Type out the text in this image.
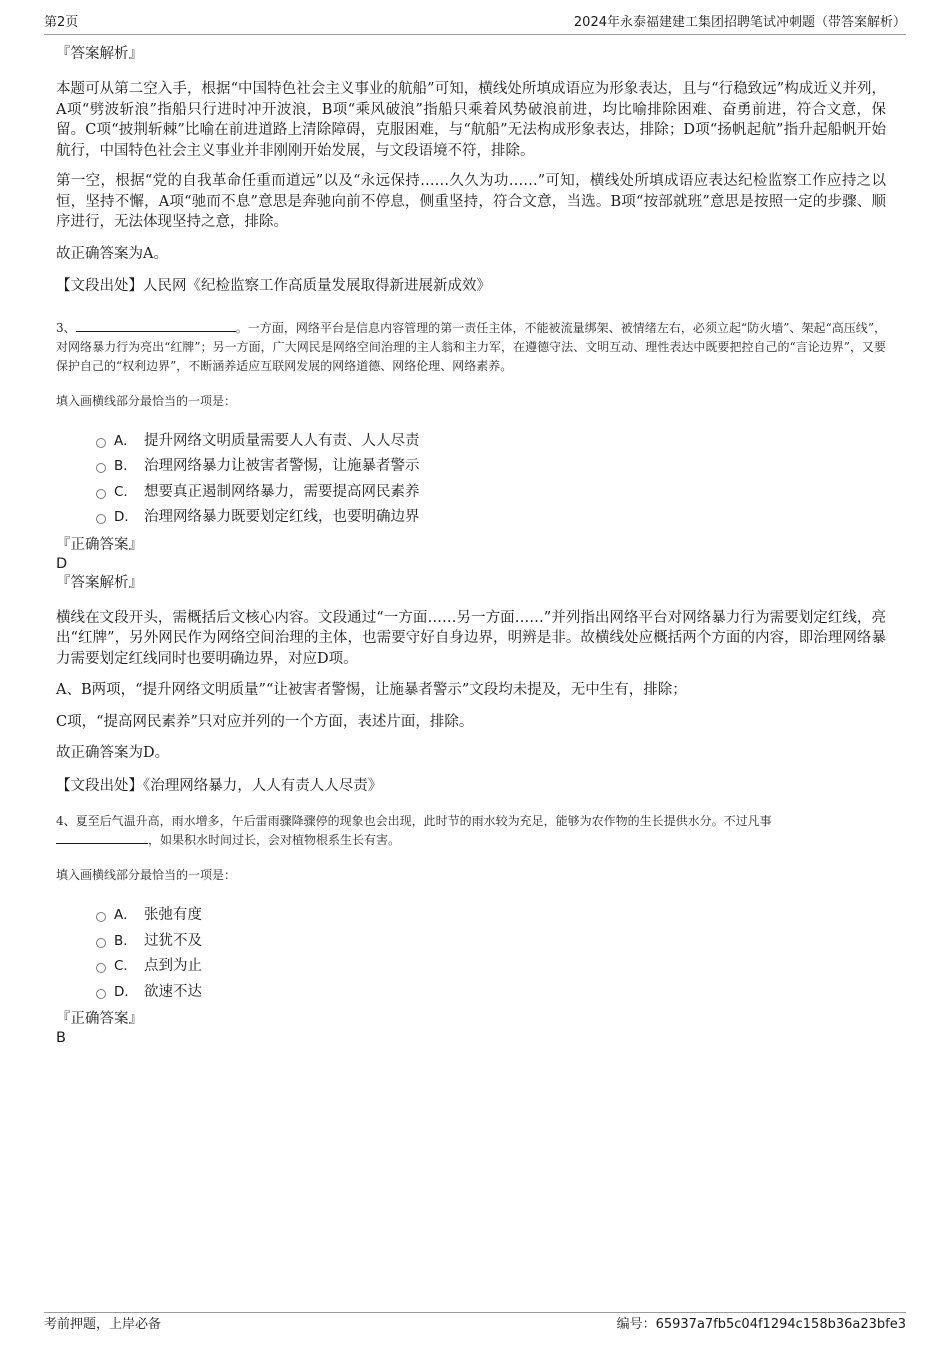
第2页	2024年永泰福建建工集团招聘笔试冲刺题（带答案解析）

『答案解析』

本题可从第二空入手，根据“中国特色社会主义事业的航船”可知，横线处所填成语应为形象表达，且与“行稳致远”构成近义并列，A项“劈波斩浪”指船只行进时冲开波浪，B项“乘风破浪”指船只乘着风势破浪前进，均比喻排除困难、奋勇前进，符合文意，保留。C项“披荆斩棘”比喻在前进道路上清除障碍，克服困难，与“航船”无法构成形象表达，排除；D项“扬帆起航”指升起船帆开始航行，中国特色社会主义事业并非刚刚开始发展，与文段语境不符，排除。

第一空，根据“党的自我革命任重而道远”以及“永远保持……久久为功……”可知，横线处所填成语应表达纪检监察工作应持之以恒，坚持不懈，A项“驰而不息”意思是奔驰向前不停息，侧重坚持，符合文意，当选。B项“按部就班”意思是按照一定的步骤、顺序进行，无法体现坚持之意，排除。

故正确答案为A。

【文段出处】人民网《纪检监察工作高质量发展取得新进展新成效》

3、	。一方面，网络平台是信息内容管理的第一责任主体，不能被流量绑架、被情绪左右，必须立起“防火墙”、架起“高压线”，对网络暴力行为亮出“红牌”；另一方面，广大网民是网络空间治理的主人翁和主力军，在遵德守法、文明互动、理性表达中既要把控自己的“言论边界”，又要保护自己的“权利边界”，不断涵养适应互联网发展的网络道德、网络伦理、网络素养。

填入画横线部分最恰当的一项是：

A． 提升网络文明质量需要人人有责、人人尽责
B． 治理网络暴力让被害者警惕，让施暴者警示
C． 想要真正遏制网络暴力，需要提高网民素养
D． 治理网络暴力既要划定红线，也要明确边界

『正确答案』

D

『答案解析』

横线在文段开头，需概括后文核心内容。文段通过“一方面……另一方面……”并列指出网络平台对网络暴力行为需要划定红线，亮出“红牌”，另外网民作为网络空间治理的主体，也需要守好自身边界，明辨是非。故横线处应概括两个方面的内容，即治理网络暴力需要划定红线同时也要明确边界，对应D项。

A、B两项，“提升网络文明质量”“让被害者警惕，让施暴者警示”文段均未提及，无中生有，排除；

C项，“提高网民素养”只对应并列的一个方面，表述片面，排除。

故正确答案为D。

【文段出处】《治理网络暴力，人人有责人人尽责》

4、夏至后气温升高，雨水增多，午后雷雨骤降骤停的现象也会出现，此时节的雨水较为充足，能够为农作物的生长提供水分。不过凡事
，如果积水时间过长，会对植物根系生长有害。

填入画横线部分最恰当的一项是：

A． 张弛有度
B． 过犹不及
C． 点到为止
D． 欲速不达

『正确答案』

B

考前押题，上岸必备	编号：65937a7fb5c04f1294c158b36a23bfe3
